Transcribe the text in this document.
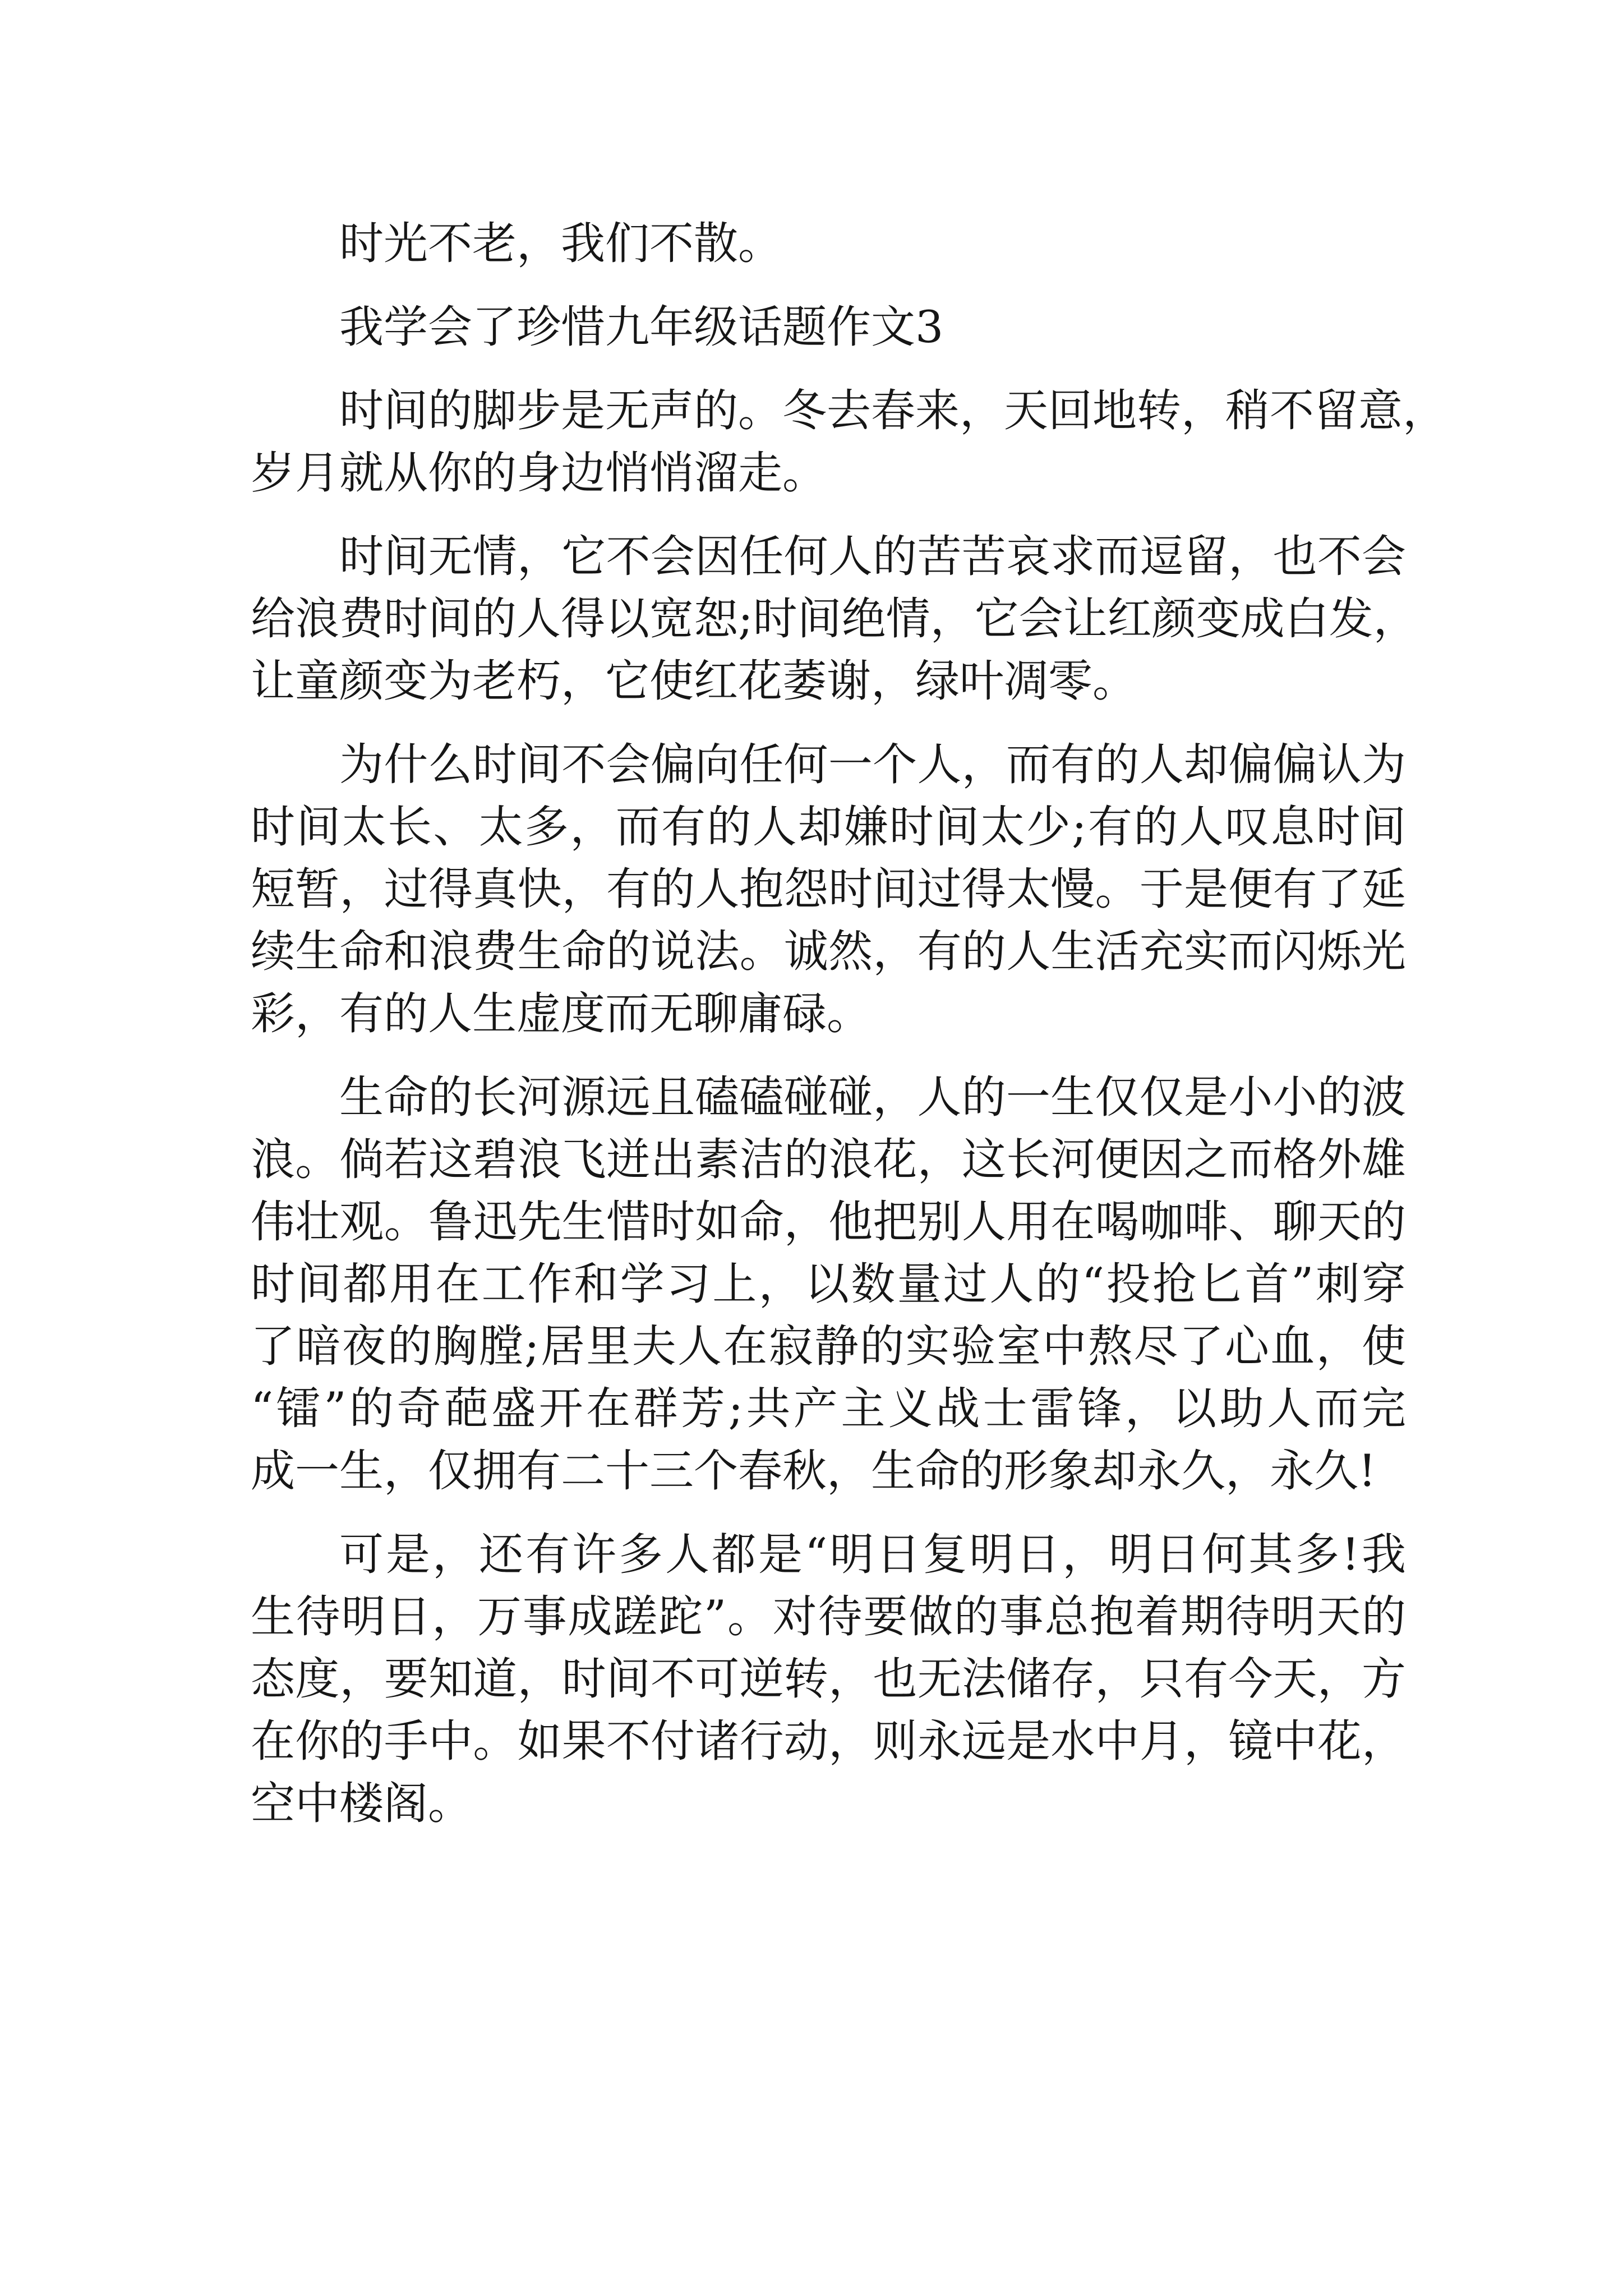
时光不老，我们不散。
我学会了珍惜九年级话题作文3
时间的脚步是无声的。冬去春来，天回地转，稍不留意，
岁月就从你的身边悄悄溜走。
时间无情，它不会因任何人的苦苦哀求而逗留，也不会
给浪费时间的人得以宽恕;时间绝情，它会让红颜变成白发，
让童颜变为老朽，它使红花萎谢，绿叶凋零。
为什么时间不会偏向任何一个人，而有的人却偏偏认为
时间太长、太多，而有的人却嫌时间太少;有的人叹息时间
短暂，过得真快，有的人抱怨时间过得太慢。于是便有了延
续生命和浪费生命的说法。诚然，有的人生活充实而闪烁光
彩，有的人生虚度而无聊庸碌。
生命的长河源远且磕磕碰碰，人的一生仅仅是小小的波
浪。倘若这碧浪飞迸出素洁的浪花，这长河便因之而格外雄
伟壮观。鲁迅先生惜时如命，他把别人用在喝咖啡、聊天的
时间都用在工作和学习上，以数量过人的“投抢匕首”刺穿
了暗夜的胸膛;居里夫人在寂静的实验室中熬尽了心血，使
“镭”的奇葩盛开在群芳;共产主义战士雷锋，以助人而完
成一生，仅拥有二十三个春秋，生命的形象却永久，永久!
可是，还有许多人都是“明日复明日，明日何其多!我
生待明日，万事成蹉跎”。对待要做的事总抱着期待明天的
态度，要知道，时间不可逆转，也无法储存，只有今天，方
在你的手中。如果不付诸行动，则永远是水中月，镜中花，
空中楼阁。
